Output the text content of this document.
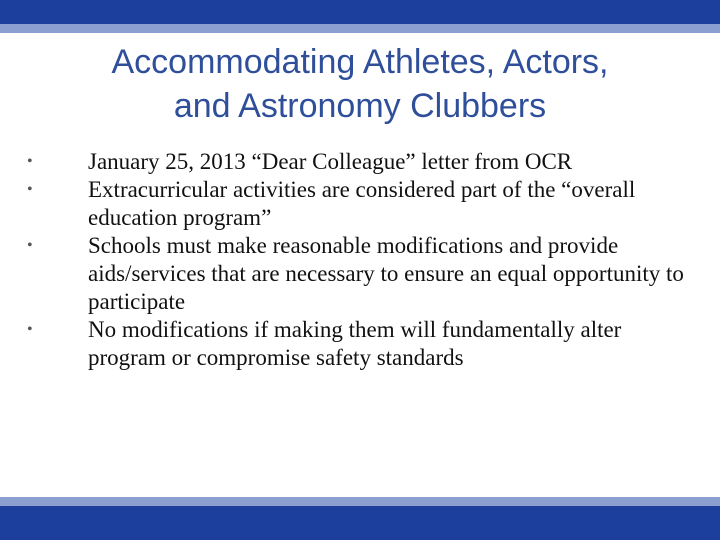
Accommodating Athletes, Actors,
and Astronomy Clubbers
• January 25, 2013 “Dear Colleague” letter from OCR
• Extracurricular activities are considered part of the “overall education program”
• Schools must make reasonable modifications and provide aids/services that are necessary to ensure an equal opportunity to participate
• No modifications if making them will fundamentally alter program or compromise safety standards
